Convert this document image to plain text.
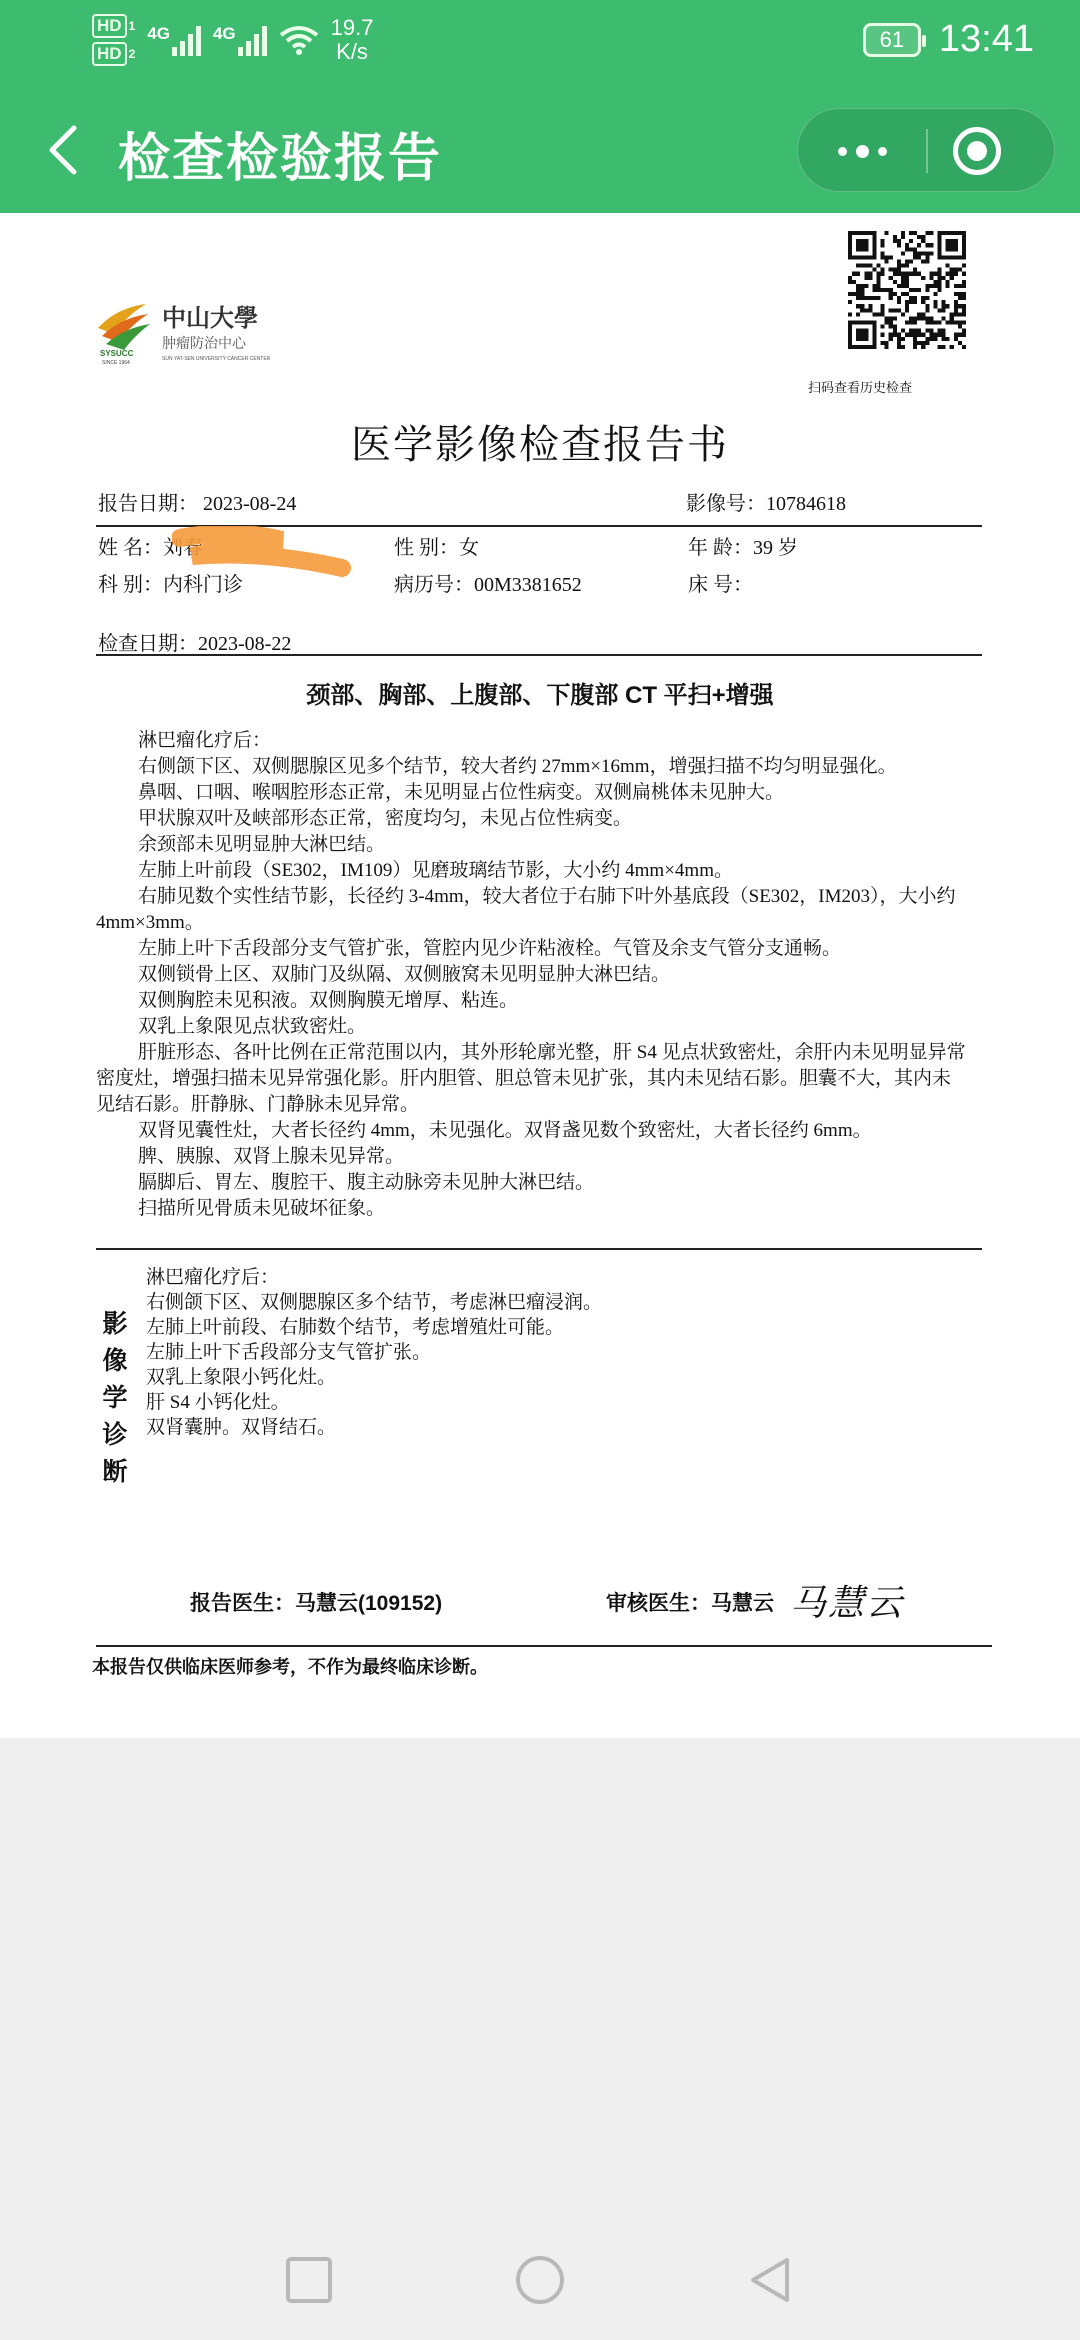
HD 1
HD 2
4G	4G	19.7
K/s	61 13:41
检查检验报告
SYSUCC
SINCE 1964
中山大學
肿瘤防治中心
SUN YAT-SEN UNIVERSITY CANCER CENTER
扫码查看历史检查
医学影像检查报告书
报告日期： 2023-08-24	影像号：10784618
姓 名：刘春	性 别：女	年 龄：39 岁
科 别：内科门诊	病历号：00M3381652	床 号：
检查日期：2023-08-22
颈部、胸部、上腹部、下腹部 CT 平扫+增强

淋巴瘤化疗后：

右侧颌下区、双侧腮腺区见多个结节，较大者约 27mm×16mm，增强扫描不均匀明显强化。

鼻咽、口咽、喉咽腔形态正常，未见明显占位性病变。双侧扁桃体未见肿大。

甲状腺双叶及峡部形态正常，密度均匀，未见占位性病变。

余颈部未见明显肿大淋巴结。

左肺上叶前段（SE302，IM109）见磨玻璃结节影，大小约 4mm×4mm。

右肺见数个实性结节影，长径约 3-4mm，较大者位于右肺下叶外基底段（SE302，IM203），大小约 4mm×3mm。

左肺上叶下舌段部分支气管扩张，管腔内见少许粘液栓。气管及余支气管分支通畅。

双侧锁骨上区、双肺门及纵隔、双侧腋窝未见明显肿大淋巴结。

双侧胸腔未见积液。双侧胸膜无增厚、粘连。

双乳上象限见点状致密灶。

肝脏形态、各叶比例在正常范围以内，其外形轮廓光整，肝 S4 见点状致密灶，余肝内未见明显异常密度灶，增强扫描未见异常强化影。肝内胆管、胆总管未见扩张，其内未见结石影。胆囊不大，其内未见结石影。肝静脉、门静脉未见异常。

双肾见囊性灶，大者长径约 4mm，未见强化。双肾盏见数个致密灶，大者长径约 6mm。

脾、胰腺、双肾上腺未见异常。

膈脚后、胃左、腹腔干、腹主动脉旁未见肿大淋巴结。

扫描所见骨质未见破坏征象。

影
像
学
诊
断
淋巴瘤化疗后：
右侧颌下区、双侧腮腺区多个结节，考虑淋巴瘤浸润。
左肺上叶前段、右肺数个结节，考虑增殖灶可能。
左肺上叶下舌段部分支气管扩张。
双乳上象限小钙化灶。
肝 S4 小钙化灶。
双肾囊肿。双肾结石。
报告医生：马慧云(109152)	审核医生：马慧云 马慧云
本报告仅供临床医师参考，不作为最终临床诊断。
